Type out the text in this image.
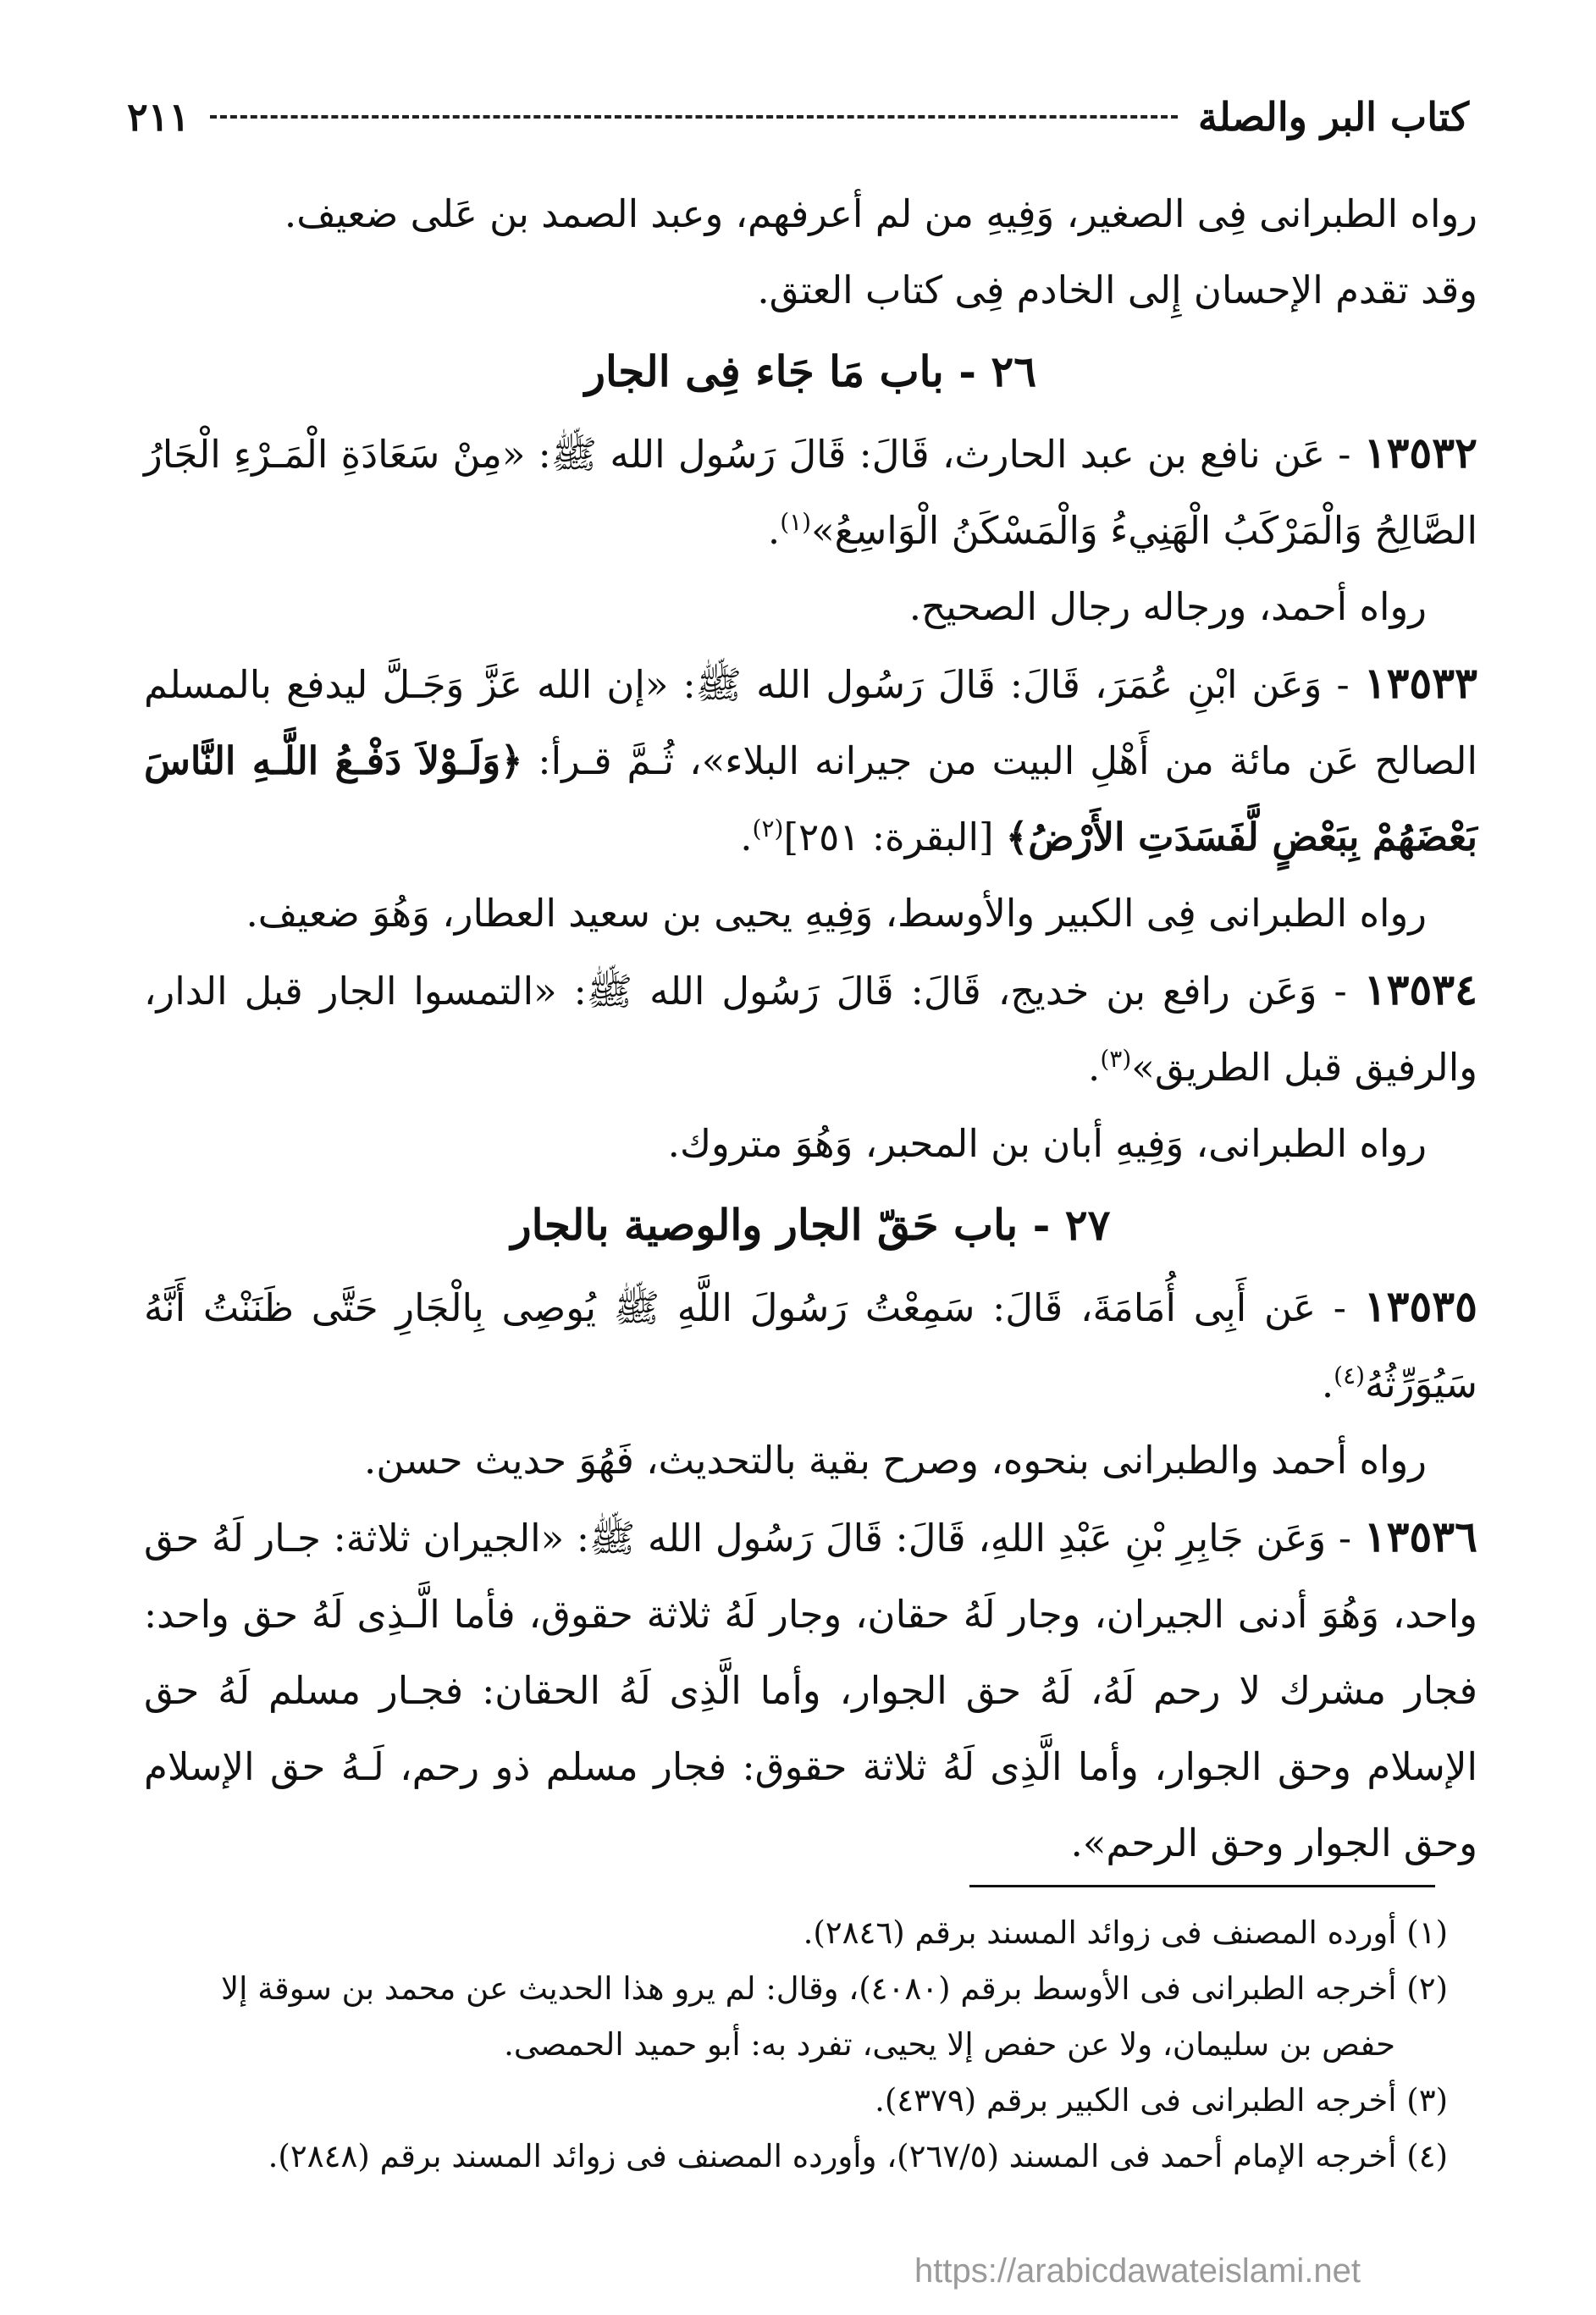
كتاب البر والصلة
٢١١

رواه الطبرانى فِى الصغير، وَفِيهِ من لم أعرفهم، وعبد الصمد بن عَلى ضعيف.

وقد تقدم الإحسان إِلى الخادم فِى كتاب العتق.

٢٦ - باب مَا جَاء فِى الجار

١٣٥٣٢ - عَن نافع بن عبد الحارث، قَالَ: قَالَ رَسُول الله ﷺ: «مِنْ سَعَادَةِ الْمَـرْءِ الْجَارُ الصَّالِحُ وَالْمَرْكَبُ الْهَنِيءُ وَالْمَسْكَنُ الْوَاسِعُ»$^{(١)}$.

رواه أحمد، ورجاله رجال الصحيح.

١٣٥٣٣ - وَعَن ابْنِ عُمَرَ، قَالَ: قَالَ رَسُول الله ﷺ: «إن الله عَزَّ وَجَـلَّ ليدفع بالمسلم الصالح عَن مائة من أَهْلِ البيت من جيرانه البلاء»، ثُـمَّ قـرأ: ﴿وَلَـوْلاَ دَفْـعُ اللَّـهِ النَّاسَ بَعْضَهُمْ بِبَعْضٍ لَّفَسَدَتِ الأَرْضُ﴾ [البقرة: ٢٥١]$^{(٢)}$.

رواه الطبرانى فِى الكبير والأوسط، وَفِيهِ يحيى بن سعيد العطار، وَهُوَ ضعيف.

١٣٥٣٤ - وَعَن رافع بن خديج، قَالَ: قَالَ رَسُول الله ﷺ: «التمسوا الجار قبل الدار، والرفيق قبل الطريق»$^{(٣)}$.

رواه الطبرانى، وَفِيهِ أبان بن المحبر، وَهُوَ متروك.

٢٧ - باب حَقّ الجار والوصية بالجار

١٣٥٣٥ - عَن أَبِى أُمَامَةَ، قَالَ: سَمِعْتُ رَسُولَ اللَّهِ ﷺ يُوصِى بِالْجَارِ حَتَّى ظَنَنْتُ أَنَّهُ سَيُوَرِّثُهُ$^{(٤)}$.

رواه أحمد والطبرانى بنحوه، وصرح بقية بالتحديث، فَهُوَ حديث حسن.

١٣٥٣٦ - وَعَن جَابِرِ بْنِ عَبْدِ اللهِ، قَالَ: قَالَ رَسُول الله ﷺ: «الجيران ثلاثة: جـار لَهُ حق واحد، وَهُوَ أدنى الجيران، وجار لَهُ حقان، وجار لَهُ ثلاثة حقوق، فأما الَّـذِى لَهُ حق واحد: فجار مشرك لا رحم لَهُ، لَهُ حق الجوار، وأما الَّذِى لَهُ الحقان: فجـار مسلم لَهُ حق الإسلام وحق الجوار، وأما الَّذِى لَهُ ثلاثة حقوق: فجار مسلم ذو رحم، لَـهُ حق الإسلام وحق الجوار وحق الرحم».

(١) أورده المصنف فى زوائد المسند برقم (٢٨٤٦).

(٢) أخرجه الطبرانى فى الأوسط برقم (٤٠٨٠)، وقال: لم يرو هذا الحديث عن محمد بن سوقة إلا

حفص بن سليمان، ولا عن حفص إلا يحيى، تفرد به: أبو حميد الحمصى.

(٣) أخرجه الطبرانى فى الكبير برقم (٤٣٧٩).

(٤) أخرجه الإمام أحمد فى المسند (٢٦٧/٥)، وأورده المصنف فى زوائد المسند برقم (٢٨٤٨).

https://arabicdawateislami.net
